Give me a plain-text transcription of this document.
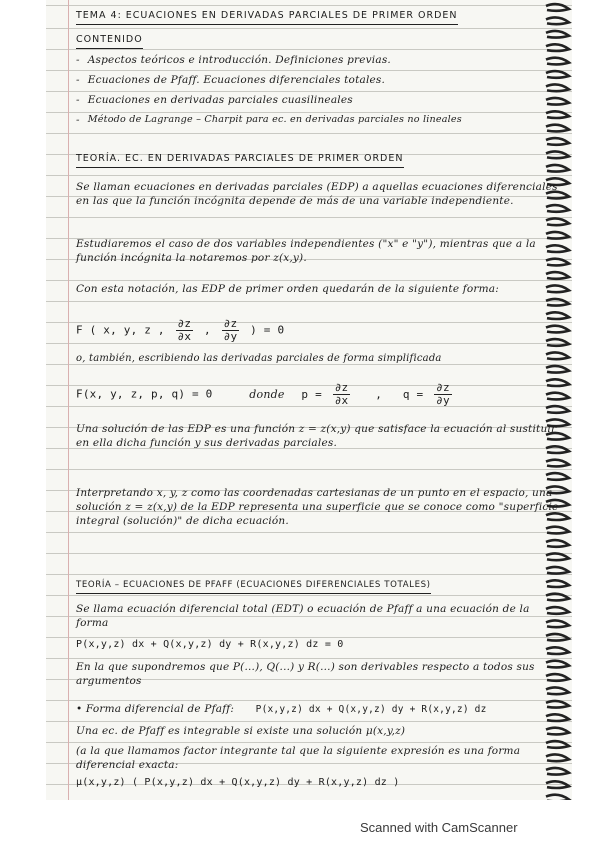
TEMA 4: ECUACIONES EN DERIVADAS PARCIALES DE PRIMER ORDEN
CONTENIDO
- Aspectos teóricos e introducción. Definiciones previas.
- Ecuaciones de Pfaff. Ecuaciones diferenciales totales.
- Ecuaciones en derivadas parciales cuasilineales
- Método de Lagrange – Charpit para ec. en derivadas parciales no lineales
TEORÍA. EC. EN DERIVADAS PARCIALES DE PRIMER ORDEN
Se llaman ecuaciones en derivadas parciales (EDP) a aquellas ecuaciones diferenciales en las que la función incógnita depende de más de una variable independiente.
Estudiaremos el caso de dos variables independientes ("x" e "y"), mientras que a la función incógnita la notaremos por z(x,y).
Con esta notación, las EDP de primer orden quedarán de la siguiente forma:
F ( x, y, z , $\frac{\partial z}{\partial x}$ , $\frac{\partial z}{\partial y}$ ) = 0
o, también, escribiendo las derivadas parciales de forma simplificada
F(x, y, z, p, q) = 0	donde $p = \frac{\partial z}{\partial x}$ , $q = \frac{\partial z}{\partial y}$
Una solución de las EDP es una función z = z(x,y) que satisface la ecuación al sustituir en ella dicha función y sus derivadas parciales.
Interpretando x, y, z como las coordenadas cartesianas de un punto en el espacio, una solución z = z(x,y) de la EDP representa una superficie que se conoce como "superficie integral (solución)" de dicha ecuación.
TEORÍA – ECUACIONES DE PFAFF (ECUACIONES DIFERENCIALES TOTALES)
Se llama ecuación diferencial total (EDT) o ecuación de Pfaff a una ecuación de la forma
P(x,y,z) dx + Q(x,y,z) dy + R(x,y,z) dz = 0
En la que supondremos que P(...), Q(...) y R(...) son derivables respecto a todos sus argumentos
• Forma diferencial de Pfaff: P(x,y,z) dx + Q(x,y,z) dy + R(x,y,z) dz
Una ec. de Pfaff es integrable si existe una solución μ(x,y,z)
(a la que llamamos factor integrante tal que la siguiente expresión es una forma diferencial exacta:
μ(x,y,z) ( P(x,y,z) dx + Q(x,y,z) dy + R(x,y,z) dz )
Scanned with CamScanner
